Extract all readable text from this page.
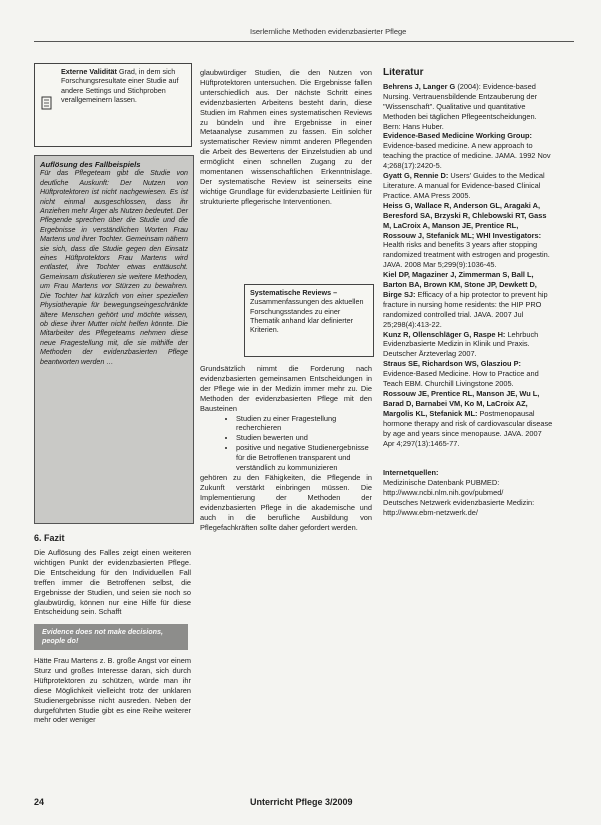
Iserlernliche Methoden evidenzbasierter Pflege
Externe Validität Grad, in dem sich Forschungsresultate einer Studie auf andere Settings und Stichproben verallgemeinern lassen.
Auflösung des Fallbeispiels
Für das Pflegeteam gibt die Studie von deutliche Auskunft: Der Nutzen von Hüftprotektoren ist nicht nachgewiesen. Es ist nicht einmal ausgeschlossen, dass ihr Anziehen mehr Ärger als Nutzen bedeutet. Der Pflegende sprechen über die Studie und die Ergebnisse in verständlichen Worten Frau Martens und ihrer Tochter. Gemeinsam nähern sie sich, dass die Studie gegen den Einsatz eines Hüftprotektors Frau Martens wird entlastet, ihre Tochter etwas enttäuscht. Gemeinsam diskutieren sie weitere Methoden, um Frau Martens vor Stürzen zu bewahren. Die Tochter hat kürzlich von einer speziellen Physiotherapie für bewegungseingeschränkte ältere Menschen gehört und möchte wissen, ob diese ihrer Mutter nicht helfen könnte. Die Mitarbeiter des Pflegeteams nehmen diese neue Fragestellung mit, die sie mithilfe der Methoden der evidenzbasierten Pflege beantworten werden …
6. Fazit

Die Auflösung des Falles zeigt einen weiteren wichtigen Punkt der evidenzbasierten Pflege. Die Entscheidung für den Individuellen Fall treffen immer die Betroffenen selbst, die Ergebnisse der Studien, und seien sie noch so glaubwürdig, können nur eine Hilfe für diese Entscheidung sein. Schafft

Evidence does not make decisions, people do!

Hätte Frau Martens z. B. große Angst vor einem Sturz und großes Interesse daran, sich durch Hüftprotektoren zu schützen, würde man ihr diese Möglichkeit vielleicht trotz der unklaren Studienergebnisse nicht ausreden. Neben der durgeführten Studie gibt es eine Reihe weiterer mehr oder weniger

glaubwürdiger Studien, die den Nutzen von Hüftprotektoren untersuchen. Die Ergebnisse fallen unterschiedlich aus. Der nächste Schritt eines evidenzbasierten Arbeitens besteht darin, diese Studien im Rahmen eines systematischen Reviews zu bündeln und ihre Ergebnisse in einer Metaanalyse zusammen zu fassen. Ein solcher systematischer Review nimmt anderen Pflegenden die Arbeit des Bewertens der Einzelstudien ab und ermöglicht einen schnellen Zugang zu der momentanen wissenschaftlichen Erkenntnislage. Der systematische Review ist seinerseits eine wichtige Grundlage für evidenzbasierte Leitlinien für strukturierte pflegerische Interventionen.

Systematische Reviews – Zusammenfassungen des aktuellen Forschungsstandes zu einer Thematik anhand klar definierter Kriterien.

Grundsätzlich nimmt die Forderung nach evidenzbasierten gemeinsamen Entscheidungen in der Pflege wie in der Medizin immer mehr zu. Die Methoden der evidenzbasierten Pflege mit den Bausteinen

• Studien zu einer Fragestellung recherchieren
• Studien bewerten und
• positive und negative Studienergebnisse für die Betroffenen transparent und verständlich zu kommunizieren

gehören zu den Fähigkeiten, die Pflegende in Zukunft verstärkt einbringen müssen. Die Implementierung der Methoden der evidenzbasierten Pflege in die akademische und auch in die berufliche Ausbildung von Pflegefachkräften sollte daher gefordert werden.

Literatur
Behrens J, Langer G (2004): Evidence-based Nursing. Vertrauensbildende Entzauberung der "Wissenschaft". Qualitative und quantitative Methoden bei täglichen Pflegeentscheidungen. Bern: Hans Huber.
Evidence-Based Medicine Working Group: Evidence-based medicine. A new approach to teaching the practice of medicine. JAMA. 1992 Nov 4;268(17):2420-5.
Gyatt G, Rennie D: Users' Guides to the Medical Literature. A manual for Evidence-based Clinical Practice. AMA Press 2005.
Heiss G, Wallace R, Anderson GL, Aragaki A, Beresford SA, Brzyski R, Chlebowski RT, Gass M, LaCroix A, Manson JE, Prentice RL, Rossouw J, Stefanick ML; WHI Investigators: Health risks and benefits 3 years after stopping randomized treatment with estrogen and progestin. JAVA. 2008 Mar 5;299(9):1036-45.
Kiel DP, Magaziner J, Zimmerman S, Ball L, Barton BA, Brown KM, Stone JP, Dewkett D, Birge SJ: Efficacy of a hip protector to prevent hip fracture in nursing home residents: the HIP PRO randomized controlled trial. JAVA. 2007 Jul 25;298(4):413-22.
Kunz R, Ollenschläger G, Raspe H: Lehrbuch Evidenzbasierte Medizin in Klinik und Praxis. Deutscher Ärzteverlag 2007.
Straus SE, Richardson WS, Glasziou P: Evidence-Based Medicine. How to Practice and Teach EBM. Churchill Livingstone 2005.
Rossouw JE, Prentice RL, Manson JE, Wu L, Barad D, Barnabei VM, Ko M, LaCroix AZ, Margolis KL, Stefanick ML: Postmenopausal hormone therapy and risk of cardiovascular disease by age and years since menopause. JAVA. 2007 Apr 4;297(13):1465-77.
Internetquellen:
Medizinische Datenbank PUBMED: http://www.ncbi.nlm.nih.gov/pubmed/
Deutsches Netzwerk evidenzbasierte Medizin: http://www.ebm-netzwerk.de/
24	Unterricht Pflege 3/2009
